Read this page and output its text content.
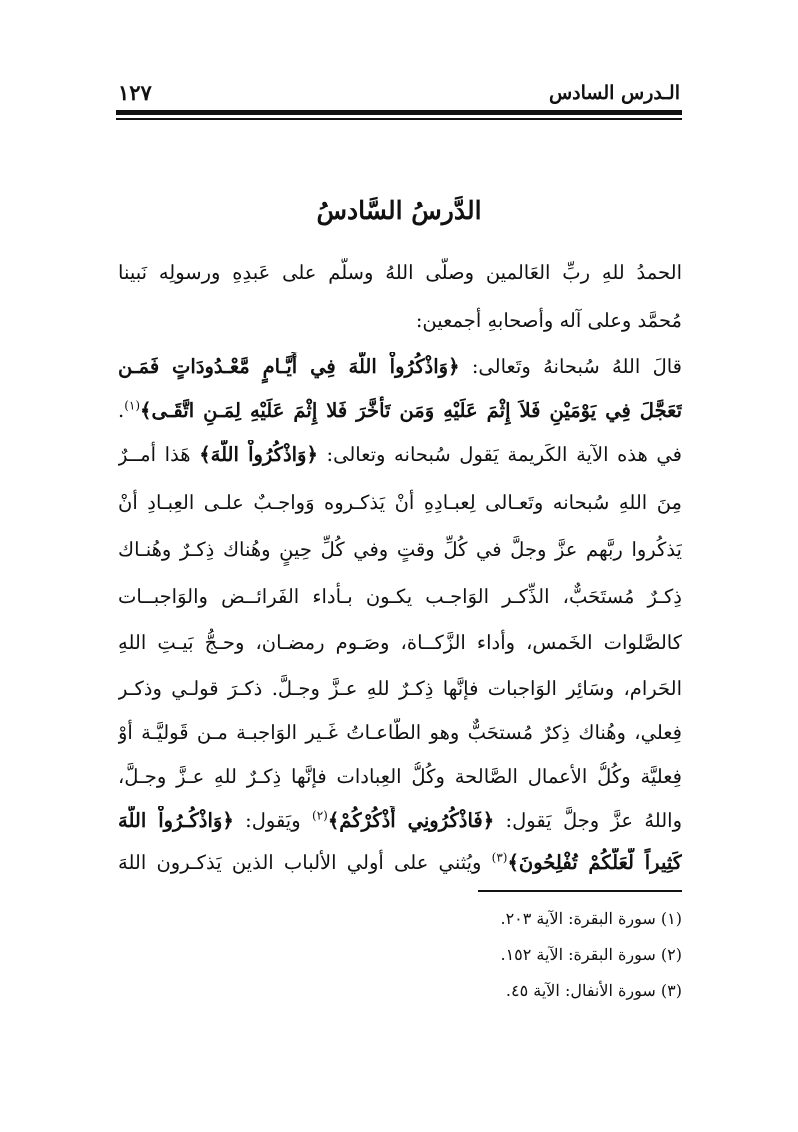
الـدرس السادس
١٢٧
الدَّرسُ السَّادسُ
الحمدُ للهِ ربِّ العَالمين وصلَّى اللهُ وسلّم على عَبدِهِ ورسولِه نَبينا
مُحمَّد وعلى آله وأصحابهِ أجمعين:
قالَ اللهُ سُبحانهُ وتَعالى: ﴿وَاذْكُرُواْ اللّهَ فِي أَيَّـامٍ مَّعْـدُودَاتٍ فَمَـن
تَعَجَّلَ فِي يَوْمَيْنِ فَلاَ إِثْمَ عَلَيْهِ وَمَن تَأَخَّرَ فَلا إِثْمَ عَلَيْهِ لِمَـنِ اتَّقَـى﴾$^{(١)}$.
في هذه الآية الكَريمة يَقول سُبحانه وتعالى: ﴿وَاذْكُرُواْ اللّهَ﴾ هَذا أمــرٌ
مِنَ اللهِ سُبحانه وتَعـالى لِعبـادِهِ أنْ يَذكـروه وَواجـبٌ علـى العِبـادِ أنْ
يَذكُروا ربَّهم عزَّ وجلَّ في كُلِّ وقتٍ وفي كُلِّ حِينٍ وهُناك ذِكـرٌ وهُنـاك
ذِكـرٌ مُستَحَبٌّ، الذِّكـر الوَاجـب يكـون بـأداء الفَرائــض والوَاجبــات
كالصَّلوات الخَمس، وأداء الزَّكــاة، وصَـوم رمضـان، وحـجُّ بَيـتِ اللهِ
الحَرام، وسَائِر الوَاجبات فإنَّها ذِكـرٌ للهِ عـزَّ وجـلَّ. ذكـرَ قولـي وذكـر
فِعلي، وهُناك ذِكرٌ مُستحَبٌّ وهو الطَّاعـاتُ غَـير الوَاجبـة مـن قَوليَّـة أوْ
فِعليَّة وكُلُّ الأعمال الصَّالحة وكُلُّ العِبادات فإنَّها ذِكـرٌ للهِ عـزَّ وجـلَّ،
واللهُ عزَّ وجلَّ يَقول: ﴿فَاذْكُرُونِي أَذْكُرْكُمْ﴾$^{(٢)}$ ويَقول: ﴿وَاذْكُـرُواْ اللّهَ
كَثِيراً لَّعَلَّكُمْ تُفْلِحُونَ﴾$^{(٣)}$ ويُثني على أولي الألباب الذين يَذكـرون اللهَ
(١) سورة البقرة: الآية ٢٠٣.
(٢) سورة البقرة: الآية ١٥٢.
(٣) سورة الأنفال: الآية ٤٥.
